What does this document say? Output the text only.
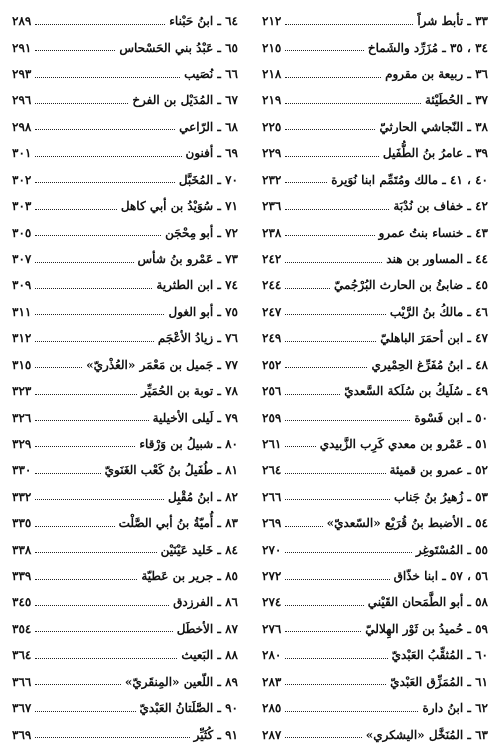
٣٣ ـ تأبط شراً
٢١٢
٣٤ ، ٣٥ ـ مُزَرِّد والشَماخ
٢١٥
٣٦ ـ ربيعة بن مقروم
٢١٨
٣٧ ـ الحُطَيْئة
٢١٩
٣٨ ـ النّجاشي الحارثيّ
٢٢٥
٣٩ ـ عامرُ بنُ الطُّفَيل
٢٢٩
٤٠ ، ٤١ ـ مالك ومُتَمِّم ابنا نُوَيرة
٢٣٢
٤٢ ـ خفاف بن نُدْبَة
٢٣٦
٤٣ ـ خنساء بنتُ عمرو
٢٣٨
٤٤ ـ المساور بن هند
٢٤٢
٤٥ ـ ضابئُ بن الحارث البُرْجُميّ
٢٤٤
٤٦ ـ مالكُ بنُ الرَّيْب
٢٤٧
٤٧ ـ ابن أحمَرَ الباهليّ
٢٤٩
٤٨ ـ ابنُ مُفَرِّغ الحِمْيري
٢٥٢
٤٩ ـ سُلَيكُ بن سُلَكة السَّعديّ
٢٥٦
٥٠ ـ ابن فَسْوة
٢٥٩
٥١ ـ عَمْرو بن معدي كَرِب الزَّبيدي
٢٦١
٥٢ ـ عمرو بن قميئة
٢٦٤
٥٣ ـ زُهيرُ بنُ جَناب
٢٦٦
٥٤ ـ الأضبط بنُ قُرَيْع «السّعديّ»
٢٦٩
٥٥ ـ المُسْتَوغِر
٢٧٠
٥٦ ، ٥٧ ـ ابنا خذّاق
٢٧٢
٥٨ ـ أبو الطَّمَحان القَيْني
٢٧٤
٥٩ ـ حُميدُ بن ثَوْر الهِلاليّ
٢٧٦
٦٠ ـ المُثقِّبُ العَبْديّ
٢٨٠
٦١ ـ المُمَزِّق العَبْديّ
٢٨٣
٦٢ ـ ابنُ دارة
٢٨٥
٦٣ ـ المُنَخَّل «اليشكري»
٢٨٧
٦٤ ـ ابنُ حَبْناء
٢٨٩
٦٥ ـ عَبْدُ بني الحَسْحاس
٢٩١
٦٦ ـ نُصَيب
٢٩٣
٦٧ ـ المُدَيْل بن الفرخ
٢٩٦
٦٨ ـ الرّاعي
٢٩٨
٦٩ ـ أفنون
٣٠١
٧٠ ـ المُخَبَّل
٣٠٢
٧١ ـ سُوَيْدُ بن أبي كاهل
٣٠٣
٧٢ ـ أبو مِحْجَن
٣٠٥
٧٣ ـ عَمْرو بنُ شأس
٣٠٧
٧٤ ـ ابن الطثرية
٣٠٩
٧٥ ـ أبو الغول
٣١١
٧٦ ـ زيادُ الأعْجَم
٣١٢
٧٧ ـ جَميل بن مَعْمَر «العُذْريّ»
٣١٥
٧٨ ـ توبة بن الحُمَيِّر
٣٢٣
٧٩ ـ لَيلى الأخيلية
٣٢٦
٨٠ ـ شبيلُ بن وَرْقاء
٣٢٩
٨١ ـ طُفَيلُ بنُ كَعْب الغَنَويّ
٣٣٠
٨٢ ـ ابنُ مُقْبِل
٣٣٢
٨٣ ـ أُميّةُ بنُ أبي الصَّلْت
٣٣٥
٨٤ ـ خَليد عَيْنَيْن
٣٣٨
٨٥ ـ جرير بن عَطيّة
٣٣٩
٨٦ ـ الفرزدق
٣٤٥
٨٧ ـ الأخطَل
٣٥٤
٨٨ ـ البَعيث
٣٦٤
٨٩ ـ اللّعين «المِنقَريّ»
٣٦٦
٩٠ ـ الصَّلَتانُ العَبْديّ
٣٦٧
٩١ ـ كُثَيِّر
٣٦٩
